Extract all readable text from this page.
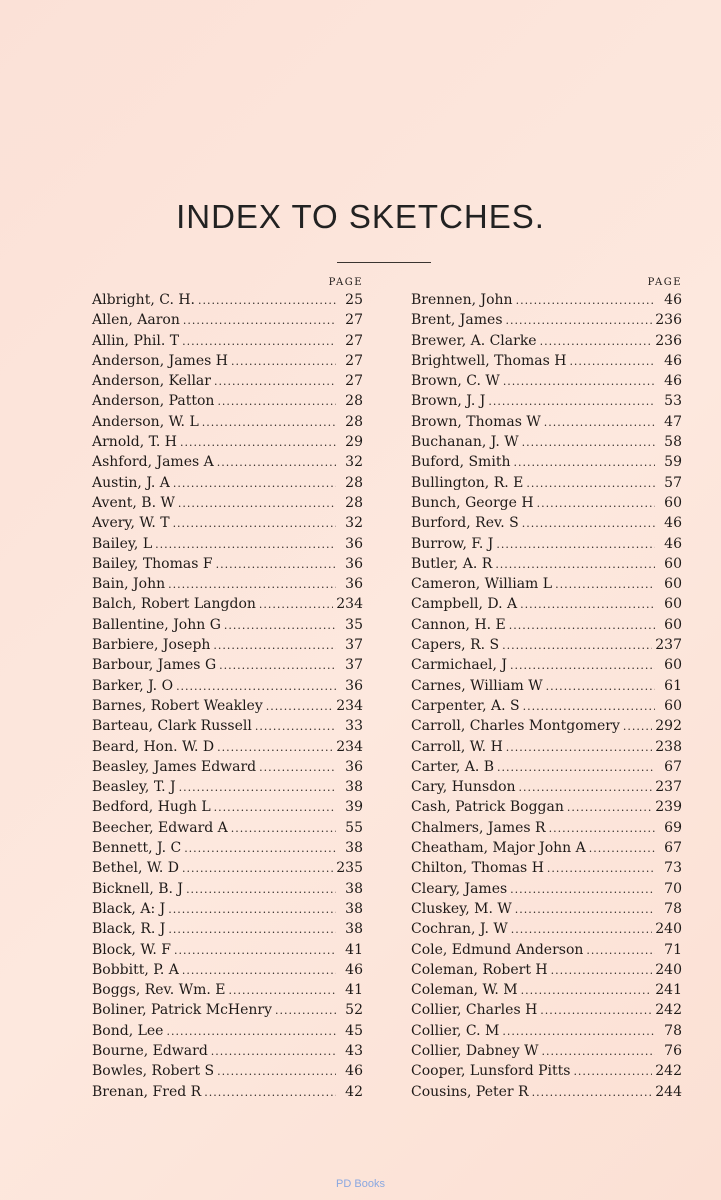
INDEX TO SKETCHES.
PAGE
Albright, C. H. .....	25
Allen, Aaron .....	27
Allin, Phil. T .....	27
Anderson, James H .....	27
Anderson, Kellar .....	27
Anderson, Patton .....	28
Anderson, W. L .....	28
Arnold, T. H .....	29
Ashford, James A .....	32
Austin, J. A .....	28
Avent, B. W .....	28
Avery, W. T .....	32
Bailey, L .....	36
Bailey, Thomas F .....	36
Bain, John .....	36
Balch, Robert Langdon .....	234
Ballentine, John G .....	35
Barbiere, Joseph .....	37
Barbour, James G .....	37
Barker, J. O .....	36
Barnes, Robert Weakley .....	234
Barteau, Clark Russell .....	33
Beard, Hon. W. D .....	234
Beasley, James Edward .....	36
Beasley, T. J .....	38
Bedford, Hugh L .....	39
Beecher, Edward A .....	55
Bennett, J. C .....	38
Bethel, W. D .....	235
Bicknell, B. J .....	38
Black, A: J .....	38
Black, R. J .....	38
Block, W. F .....	41
Bobbitt, P. A .....	46
Boggs, Rev. Wm. E .....	41
Boliner, Patrick McHenry .....	52
Bond, Lee .....	45
Bourne, Edward .....	43
Bowles, Robert S .....	46
Brenan, Fred R .....	42
PAGE
Brennen, John .....	46
Brent, James .....	236
Brewer, A. Clarke .....	236
Brightwell, Thomas H .....	46
Brown, C. W .....	46
Brown, J. J .....	53
Brown, Thomas W .....	47
Buchanan, J. W .....	58
Buford, Smith .....	59
Bullington, R. E .....	57
Bunch, George H .....	60
Burford, Rev. S .....	46
Burrow, F. J .....	46
Butler, A. R .....	60
Cameron, William L .....	60
Campbell, D. A .....	60
Cannon, H. E .....	60
Capers, R. S .....	237
Carmichael, J .....	60
Carnes, William W .....	61
Carpenter, A. S .....	60
Carroll, Charles Montgomery .....	292
Carroll, W. H .....	238
Carter, A. B .....	67
Cary, Hunsdon .....	237
Cash, Patrick Boggan .....	239
Chalmers, James R .....	69
Cheatham, Major John A .....	67
Chilton, Thomas H .....	73
Cleary, James .....	70
Cluskey, M. W .....	78
Cochran, J. W .....	240
Cole, Edmund Anderson .....	71
Coleman, Robert H .....	240
Coleman, W. M .....	241
Collier, Charles H .....	242
Collier, C. M .....	78
Collier, Dabney W .....	76
Cooper, Lunsford Pitts .....	242
Cousins, Peter R .....	244
PD Books
